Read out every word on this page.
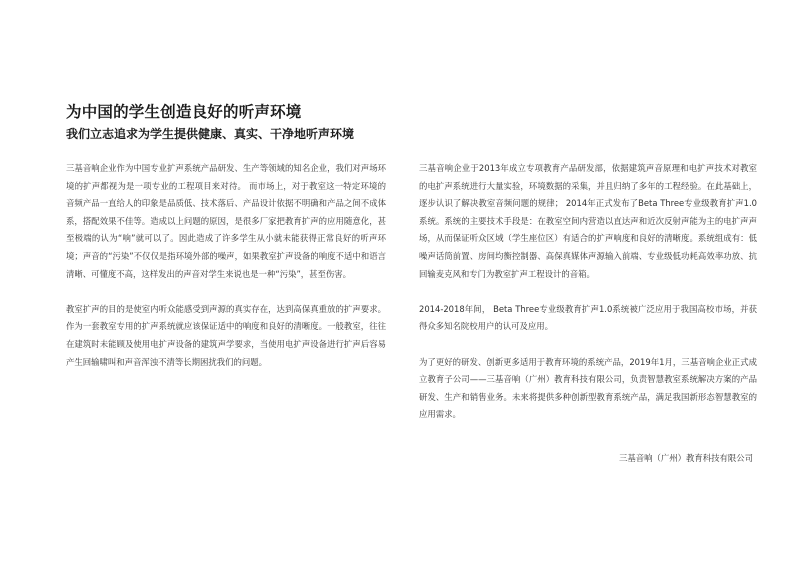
为中国的学生创造良好的听声环境
我们立志追求为学生提供健康、真实、干净地听声环境

三基音响企业作为中国专业扩声系统产品研发、生产等领域的知名企业，我们对声场环境的扩声都视为是一项专业的工程项目来对待。 而市场上，对于教室这一特定环境的音频产品一直给人的印象是品质低、技术落后、产品设计依据不明确和产品之间不成体系，搭配效果不佳等。造成以上问题的原因，是很多厂家把教育扩声的应用随意化，甚至极端的认为“响”就可以了。因此造成了许多学生从小就未能获得正常良好的听声环境；声音的“污染”不仅仅是指环境外部的噪声，如果教室扩声设备的响度不适中和语言清晰、可懂度不高，这样发出的声音对学生来说也是一种“污染”，甚至伤害。

教室扩声的目的是使室内听众能感受到声源的真实存在，达到高保真重放的扩声要求。作为一套教室专用的扩声系统就应该保证适中的响度和良好的清晰度。一般教室，往往在建筑时未能顾及使用电扩声设备的建筑声学要求，当使用电扩声设备进行扩声后容易产生回输啸叫和声音浑浊不清等长期困扰我们的问题。

三基音响企业于2013年成立专项教育产品研发部，依据建筑声音原理和电扩声技术对教室的电扩声系统进行大量实验，环境数据的采集，并且归纳了多年的工程经验。在此基础上，逐步认识了解决教室音频问题的规律； 2014年正式发布了Beta Three专业级教育扩声1.0系统。系统的主要技术手段是：在教室空间内营造以直达声和近次反射声能为主的电扩声声场，从而保证听众区域（学生座位区）有适合的扩声响度和良好的清晰度。系统组成有：低噪声话筒前置、房间均衡控制器、高保真媒体声源输入前端、专业级低功耗高效率功放、抗回输麦克风和专门为教室扩声工程设计的音箱。

2014-2018年间， Beta Three专业级教育扩声1.0系统被广泛应用于我国高校市场，并获得众多知名院校用户的认可及应用。

为了更好的研发、创新更多适用于教育环境的系统产品，2019年1月，三基音响企业正式成立教育子公司——三基音响（广州）教育科技有限公司，负责智慧教室系统解决方案的产品研发、生产和销售业务。未来将提供多种创新型教育系统产品，满足我国新形态智慧教室的应用需求。

三基音响（广州）教育科技有限公司
